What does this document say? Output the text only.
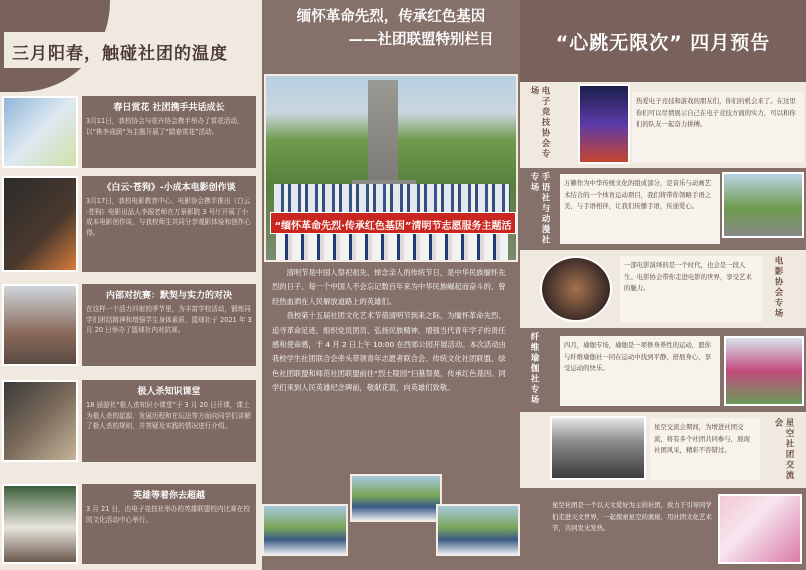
三月阳春，触碰社团的温度
春日赏花 社团携手共话成长
3月11日，我校协会与花卉协会携手举办了赏花活动，以“桃李成荫”为主题开展了“踏春赏花”活动。
《白云·苍狗》-小成本电影创作谈
3月17日，我校电影教育中心、电影协会携手推出《白云·苍狗》电影出品人李振老师在万景影院 3 号厅开展了小成本电影创作谈，与我校师生共同分享观影体验和创作心得。
内部对抗赛：默契与实力的对决
在这样一个活力四射的季节里，为丰富学校活动，锻炼同学们团结精神和增强学生身体素质，篮球社于 2021 年 3 月 20 日举办了篮球社内对抗赛。
极人杀知识课堂
18 届游社“极人杀知识小课堂”于 3 月 20 日开课，课上为极人杀的起源、发展历程和在玩法等方面向同学们讲解了极人杀的规则，并答疑及实践的情况进行介绍。
英雄等着你去超越
3 月 21 日，由电子竞技社举办的英雄联盟校内比赛在校园文化活动中心举行。
缅怀革命先烈，传承红色基因
——社团联盟特别栏目
“缅怀革命先烈·传承红色基因”清明节志愿服务主题活

清明节是中国人祭祀祖先、悼念亲人的传统节日，是中华民族缅怀先烈的日子。每一个中国人不会忘记数百年来为中华民族崛起而奋斗的、曾经热血洒在人民解放道路上的英雄们。

我校第十五届社团文化艺术节借清明节到来之际，为缅怀革命先烈、追寻革命足迹，组织党员团员、弘扬民族精神、增强当代青年学子的责任感和使命感，于 4 月 2 日上午 10:00 在西郊公园开展活动。本次活动由我校学生社团联合会牵头带领青年志愿者联合会、传统文化社团联盟、绿色社团联盟和师范社团联盟前往“烈士陵园”扫墓祭奠，传承红色基因。同学们来到人民英雄纪念碑前，敬献花篮，向英雄们致敬。

“心跳无限次” 四月预告
电子竞技协会专场
热爱电子竞技和游戏的朋友们，你们的机会来了。在这里你们可以尽情展示自己在电子竞技方面的实力，可以和你们的队友一起奋力拼搏。
手语社与动漫社专场	万籁作为中华传统文化的组成部分，是音乐与动画艺术结合的一个体育运动项目，我们将带你领略手语之美，与手语相伴，让我们传播手语，传递爱心。
一部电影演绎的是一个时代，也会是一段人生。电影协会带你走进电影的世界，享受艺术的魅力。	电影协会专场
纤维瑜伽社专场	四月，瑜伽专场，瑜伽是一项修身养性的运动，愿你与纤维瑜伽社一同在运动中找到平静，舒展身心，享受运动的快乐。
星空交流会期间，为增进社团交流，将有多个社团共同参与，展现社团风采，精彩不容错过。	星空社团交流会
星空社团是一个以天文爱好为主的社团，致力于引导同学们走进天文世界，一起探索星空的奥秘，用社团文化艺术节，共同发光发热。
